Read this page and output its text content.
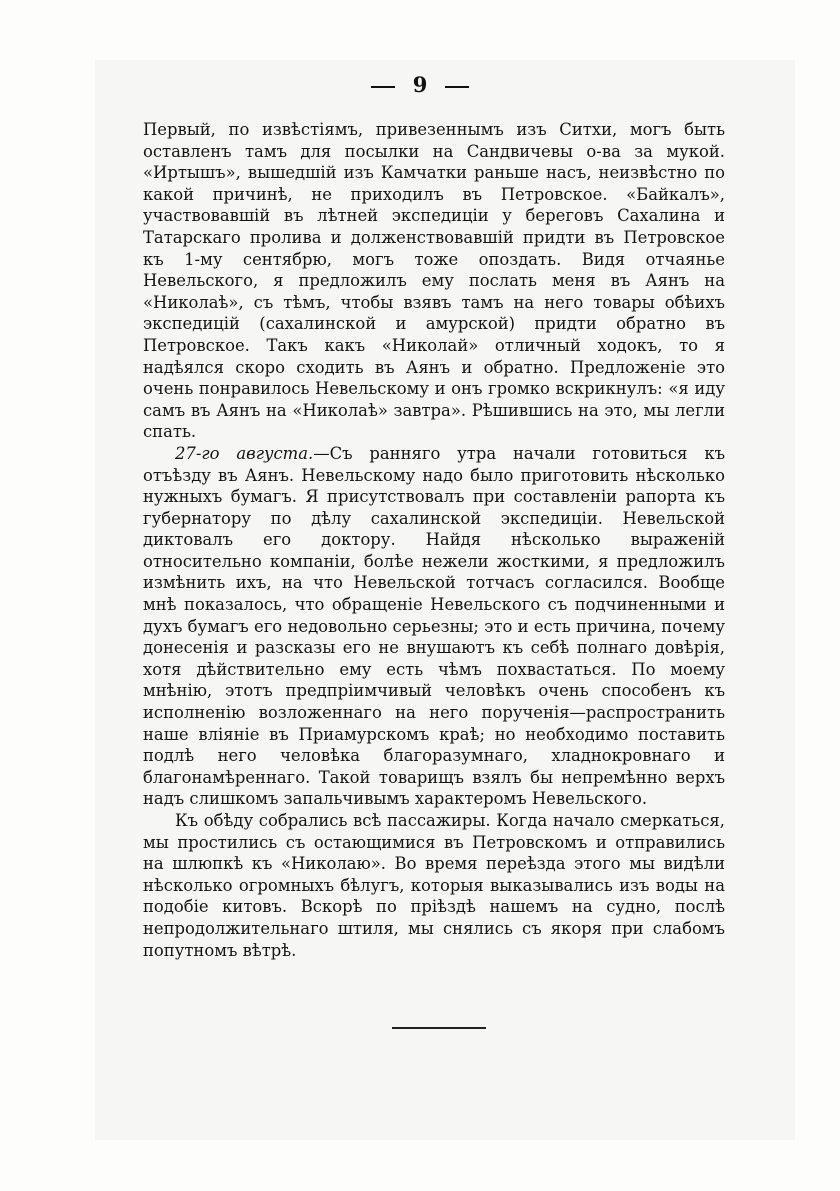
9

Первый, по извѣстіямъ, привезеннымъ изъ Ситхи, могъ быть оставленъ тамъ для посылки на Сандвичевы о-ва за мукой. «Иртышъ», вышедшій изъ Камчатки раньше насъ, неизвѣстно по какой причинѣ, не приходилъ въ Петровское. «Байкалъ», участвовавшій въ лѣтней экспедиціи у береговъ Сахалина и Татарскаго пролива и долженствовавшій придти въ Петровское къ 1-му сентябрю, могъ тоже опоздать. Видя отчаянье Невельского, я предложилъ ему послать меня въ Аянъ на «Николаѣ», съ тѣмъ, чтобы взявъ тамъ на него товары обѣихъ экспедицій (сахалинской и амурской) придти обратно въ Петровское. Такъ какъ «Николай» отличный ходокъ, то я надѣялся скоро сходить въ Аянъ и обратно. Предложеніе это очень понравилось Невельскому и онъ громко вскрикнулъ: «я иду самъ въ Аянъ на «Николаѣ» завтра». Рѣшившись на это, мы легли спать.

27-го августа.—Съ ранняго утра начали готовиться къ отъѣзду въ Аянъ. Невельскому надо было приготовить нѣсколько нужныхъ бумагъ. Я присутствовалъ при составленіи рапорта къ губернатору по дѣлу сахалинской экспедиціи. Невельской диктовалъ его доктору. Найдя нѣсколько выраженій относительно компаніи, болѣе нежели жосткими, я предложилъ измѣнить ихъ, на что Невельской тотчасъ согласился. Вообще мнѣ показалось, что обращеніе Невельского съ подчиненными и духъ бумагъ его недовольно серьезны; это и есть причина, почему донесенія и разсказы его не внушаютъ къ себѣ полнаго довѣрія, хотя дѣйствительно ему есть чѣмъ похвастаться. По моему мнѣнію, этотъ предпріимчивый человѣкъ очень способенъ къ исполненію возложеннаго на него порученія—распространить наше вліяніе въ Приамурскомъ краѣ; но необходимо поставить подлѣ него человѣка благоразумнаго, хладнокровнаго и благонамѣреннаго. Такой товарищъ взялъ бы непремѣнно верхъ надъ слишкомъ запальчивымъ характеромъ Невельского.

Къ обѣду собрались всѣ пассажиры. Когда начало смеркаться, мы простились съ остающимися въ Петровскомъ и отправились на шлюпкѣ къ «Николаю». Во время переѣзда этого мы видѣли нѣсколько огромныхъ бѣлугъ, которыя выказывались изъ воды на подобіе китовъ. Вскорѣ по пріѣздѣ нашемъ на судно, послѣ непродолжительнаго штиля, мы снялись съ якоря при слабомъ попутномъ вѣтрѣ.
